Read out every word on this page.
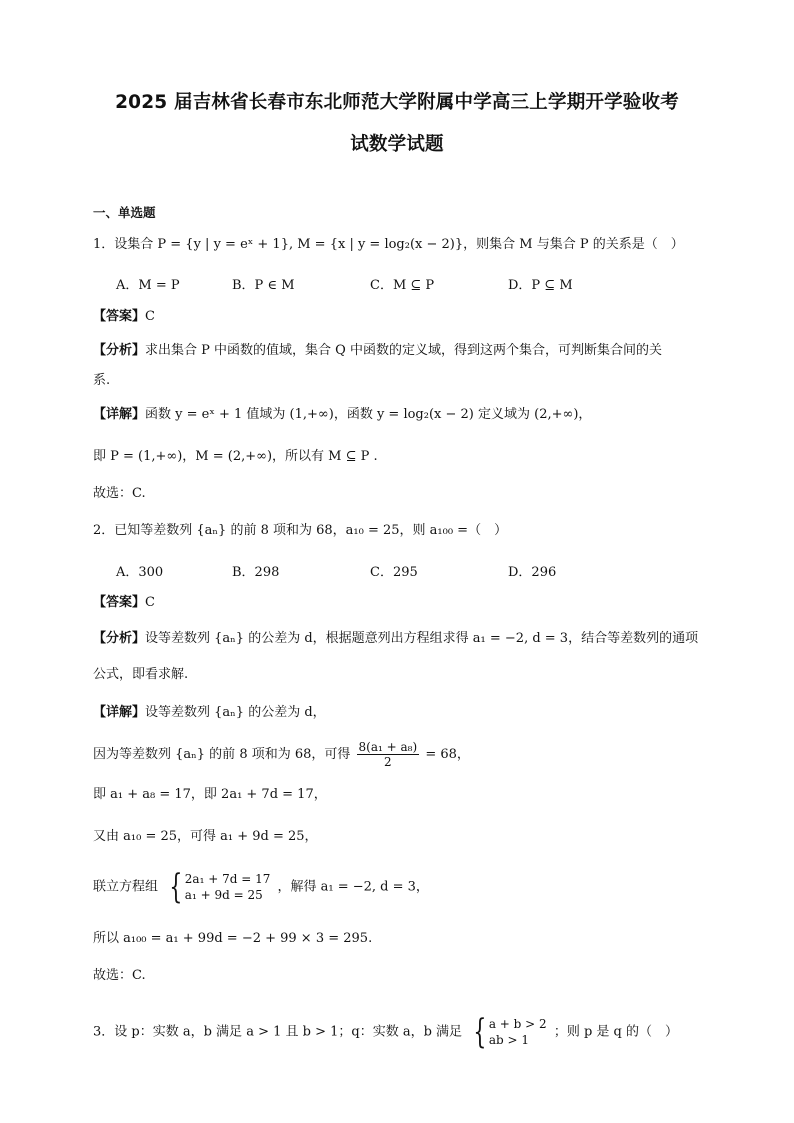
2025 届吉林省长春市东北师范大学附属中学高三上学期开学验收考
试数学试题
一、单选题
1．设集合 P = {y | y = eˣ + 1}, M = {x | y = log₂(x − 2)}，则集合 M 与集合 P 的关系是（　）
A．M = P	B．P ∈ M	C．M ⊆ P	D．P ⊆ M
【答案】C
【分析】求出集合 P 中函数的值域，集合 Q 中函数的定义域，得到这两个集合，可判断集合间的关
系.
【详解】函数 y = eˣ + 1 值域为 (1,+∞)，函数 y = log₂(x − 2) 定义域为 (2,+∞)，
即 P = (1,+∞)，M = (2,+∞)，所以有 M ⊆ P .
故选：C.
2．已知等差数列 {aₙ} 的前 8 项和为 68，a₁₀ = 25，则 a₁₀₀ =（　）
A．300	B．298	C．295	D．296
【答案】C
【分析】设等差数列 {aₙ} 的公差为 d，根据题意列出方程组求得 a₁ = −2, d = 3，结合等差数列的通项
公式，即看求解.
【详解】设等差数列 {aₙ} 的公差为 d，
因为等差数列 {aₙ} 的前 8 项和为 68，可得 $\frac{\text{8(a₁ + a₈)}}{2} = 68$，
即 a₁ + a₈ = 17，即 2a₁ + 7d = 17，
又由 a₁₀ = 25，可得 a₁ + 9d = 25，
联立方程组 { 2a₁ + 7d = 17
a₁ + 9d = 25
，解得 a₁ = −2, d = 3，
所以 a₁₀₀ = a₁ + 99d = −2 + 99 × 3 = 295.
故选：C.
3．设 p：实数 a，b 满足 a > 1 且 b > 1；q：实数 a，b 满足 { a + b > 2
ab > 1
；则 p 是 q 的（　）
